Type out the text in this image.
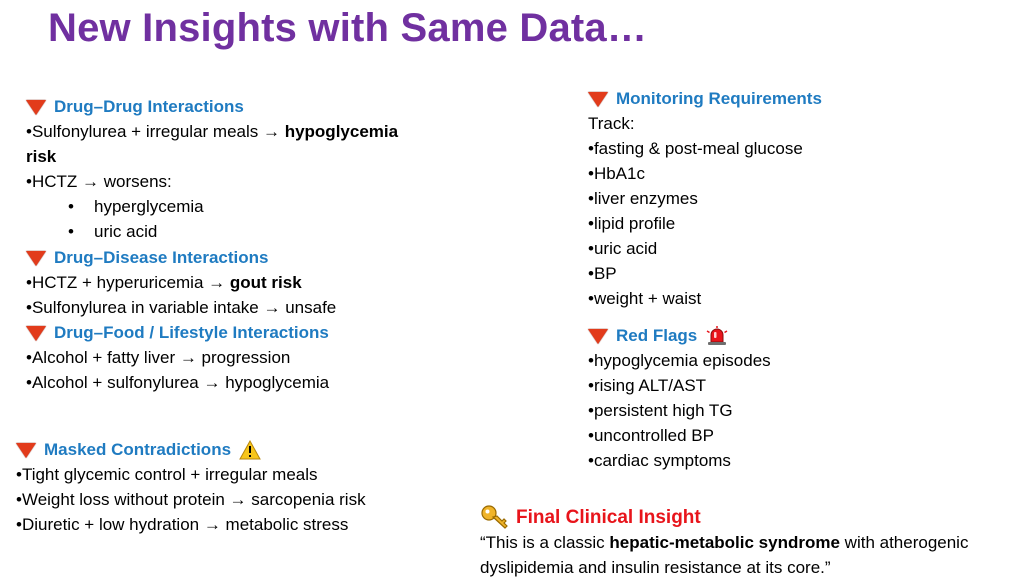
New Insights with Same Data…
Drug–Drug Interactions
•Sulfonylurea + irregular meals → hypoglycemia
risk
•HCTZ → worsens:
• hyperglycemia
• uric acid
Drug–Disease Interactions
•HCTZ + hyperuricemia → gout risk
•Sulfonylurea in variable intake → unsafe
Drug–Food / Lifestyle Interactions
•Alcohol + fatty liver → progression
•Alcohol + sulfonylurea → hypoglycemia
Masked Contradictions
•Tight glycemic control + irregular meals
•Weight loss without protein → sarcopenia risk
•Diuretic + low hydration → metabolic stress
Monitoring Requirements
Track:
•fasting & post-meal glucose
•HbA1c
•liver enzymes
•lipid profile
•uric acid
•BP
•weight + waist
Red Flags
•hypoglycemia episodes
•rising ALT/AST
•persistent high TG
•uncontrolled BP
•cardiac symptoms
Final Clinical Insight
“This is a classic hepatic-metabolic syndrome with atherogenic
dyslipidemia and insulin resistance at its core.”
